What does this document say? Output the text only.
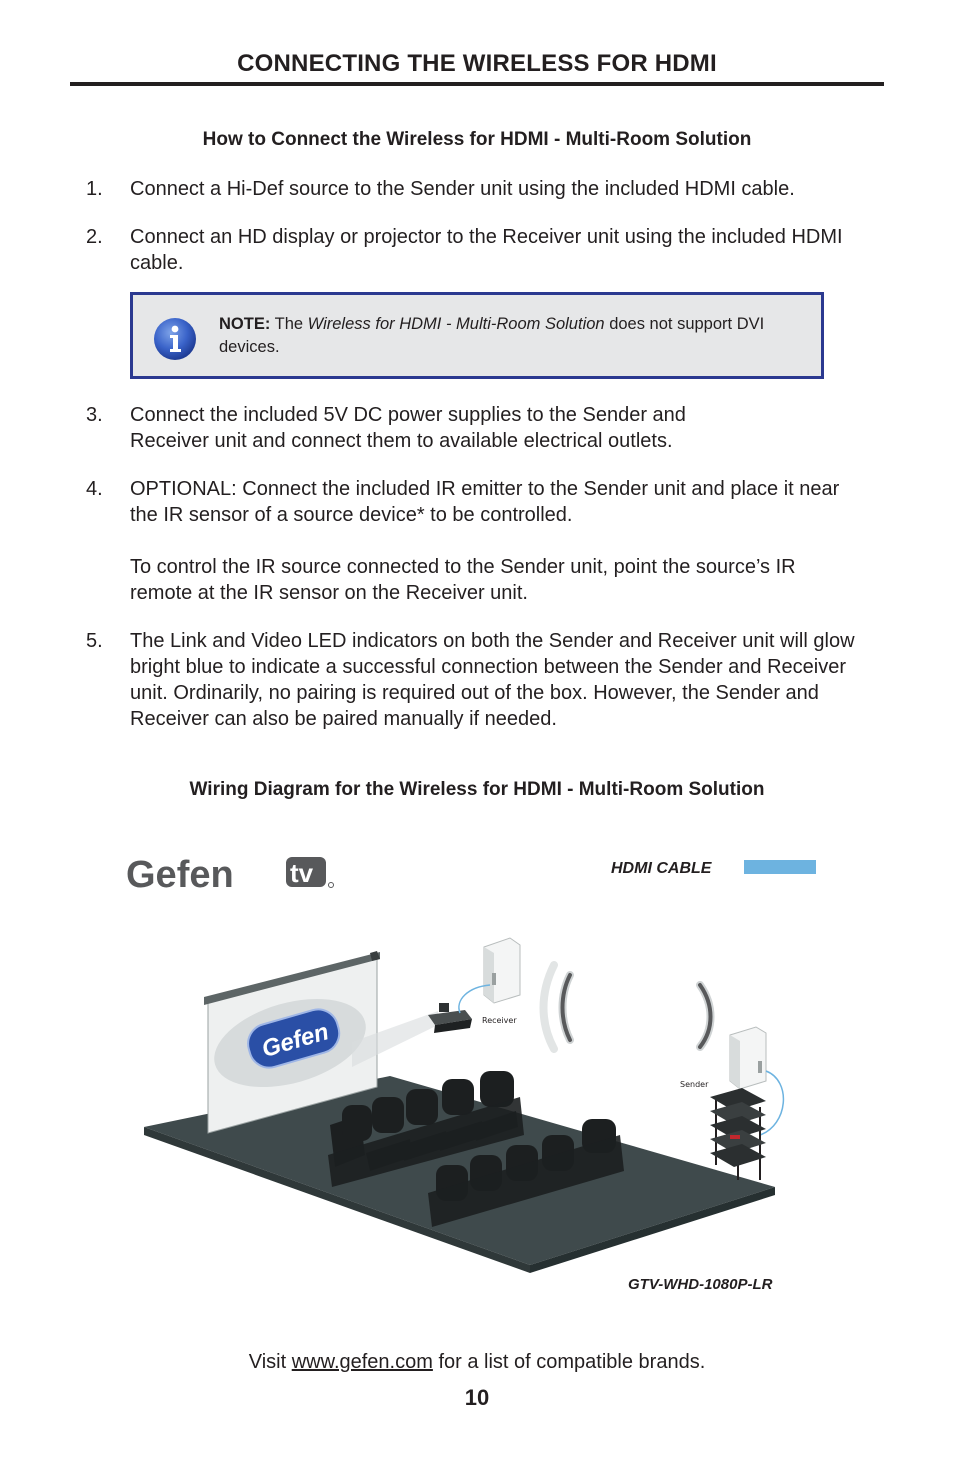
CONNECTING THE WIRELESS FOR HDMI
How to Connect the Wireless for HDMI - Multi-Room Solution
1. Connect a Hi-Def source to the Sender unit using the included HDMI cable.
2. Connect an HD display or projector to the Receiver unit using the included HDMI cable.
NOTE: The Wireless for HDMI - Multi-Room Solution does not support DVI devices.
3. Connect the included 5V DC power supplies to the Sender and Receiver unit and connect them to available electrical outlets.
4. OPTIONAL: Connect the included IR emitter to the Sender unit and place it near the IR sensor of a source device* to be controlled.
To control the IR source connected to the Sender unit, point the source’s IR remote at the IR sensor on the Receiver unit.
5. The Link and Video LED indicators on both the Sender and Receiver unit will glow bright blue to indicate a successful connection between the Sender and Receiver unit. Ordinarily, no pairing is required out of the box. However, the Sender and Receiver can also be paired manually if needed.
Wiring Diagram for the Wireless for HDMI - Multi-Room Solution
Gefen tv	HDMI CABLE
Gefen	Receiver
Sender
GTV-WHD-1080P-LR
Visit www.gefen.com for a list of compatible brands.
10
